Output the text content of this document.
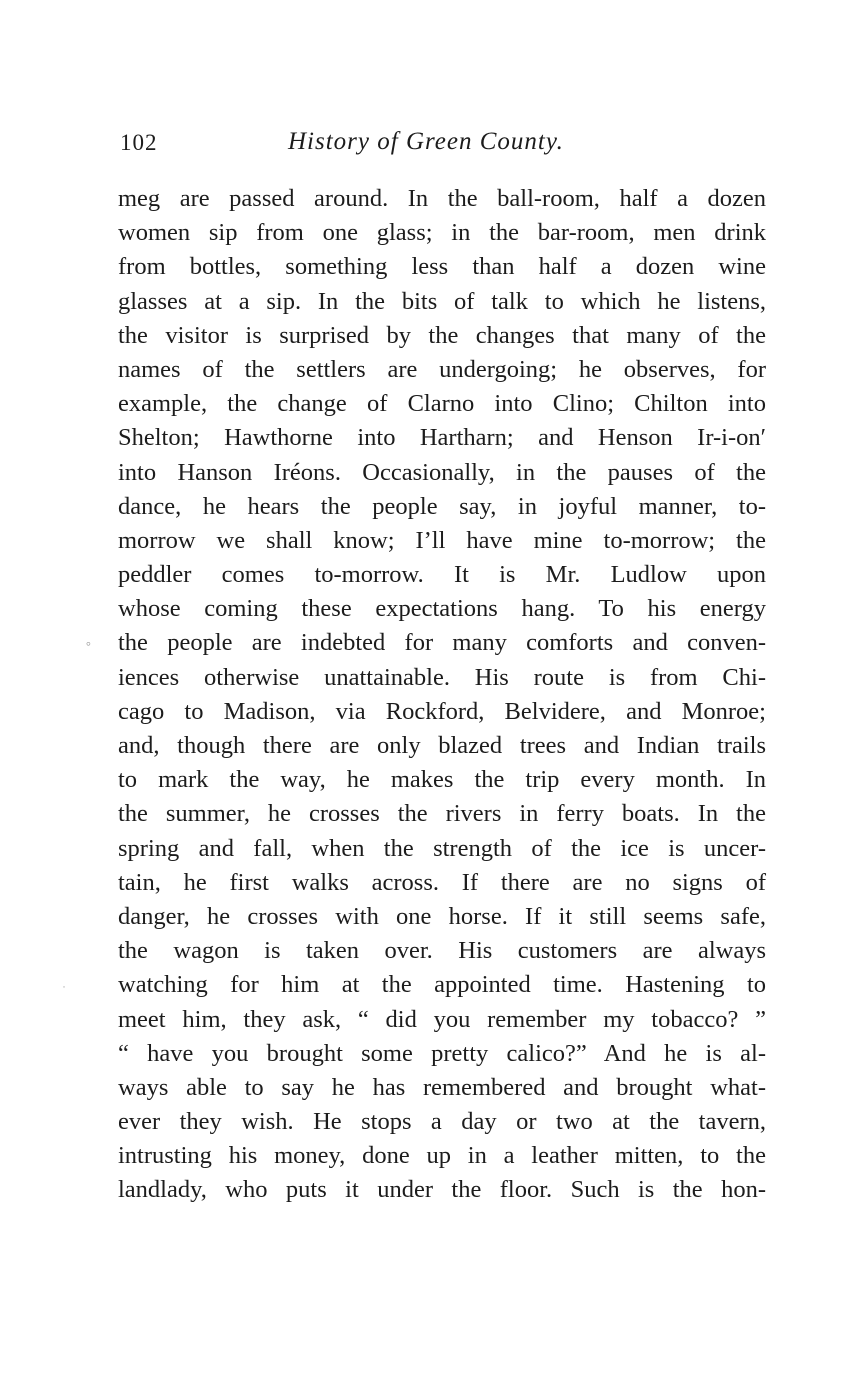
102	History of Green County.
meg are passed around. In the ball-room, half a dozen
women sip from one glass; in the bar-room, men drink
from bottles, something less than half a dozen wine
glasses at a sip. In the bits of talk to which he listens,
the visitor is surprised by the changes that many of the
names of the settlers are undergoing; he observes, for
example, the change of Clarno into Clino; Chilton into
Shelton; Hawthorne into Hartharn; and Henson Ir-i-on′
into Hanson Iréons. Occasionally, in the pauses of the
dance, he hears the people say, in joyful manner, to-
morrow we shall know; I’ll have mine to-morrow; the
peddler comes to-morrow. It is Mr. Ludlow upon
whose coming these expectations hang. To his energy
the people are indebted for many comforts and conven-
iences otherwise unattainable. His route is from Chi-
cago to Madison, via Rockford, Belvidere, and Monroe;
and, though there are only blazed trees and Indian trails
to mark the way, he makes the trip every month. In
the summer, he crosses the rivers in ferry boats. In the
spring and fall, when the strength of the ice is uncer-
tain, he first walks across. If there are no signs of
danger, he crosses with one horse. If it still seems safe,
the wagon is taken over. His customers are always
watching for him at the appointed time. Hastening to
meet him, they ask, “ did you remember my tobacco? ”
“ have you brought some pretty calico?” And he is al-
ways able to say he has remembered and brought what-
ever they wish. He stops a day or two at the tavern,
intrusting his money, done up in a leather mitten, to the
landlady, who puts it under the floor. Such is the hon-
°
˙
